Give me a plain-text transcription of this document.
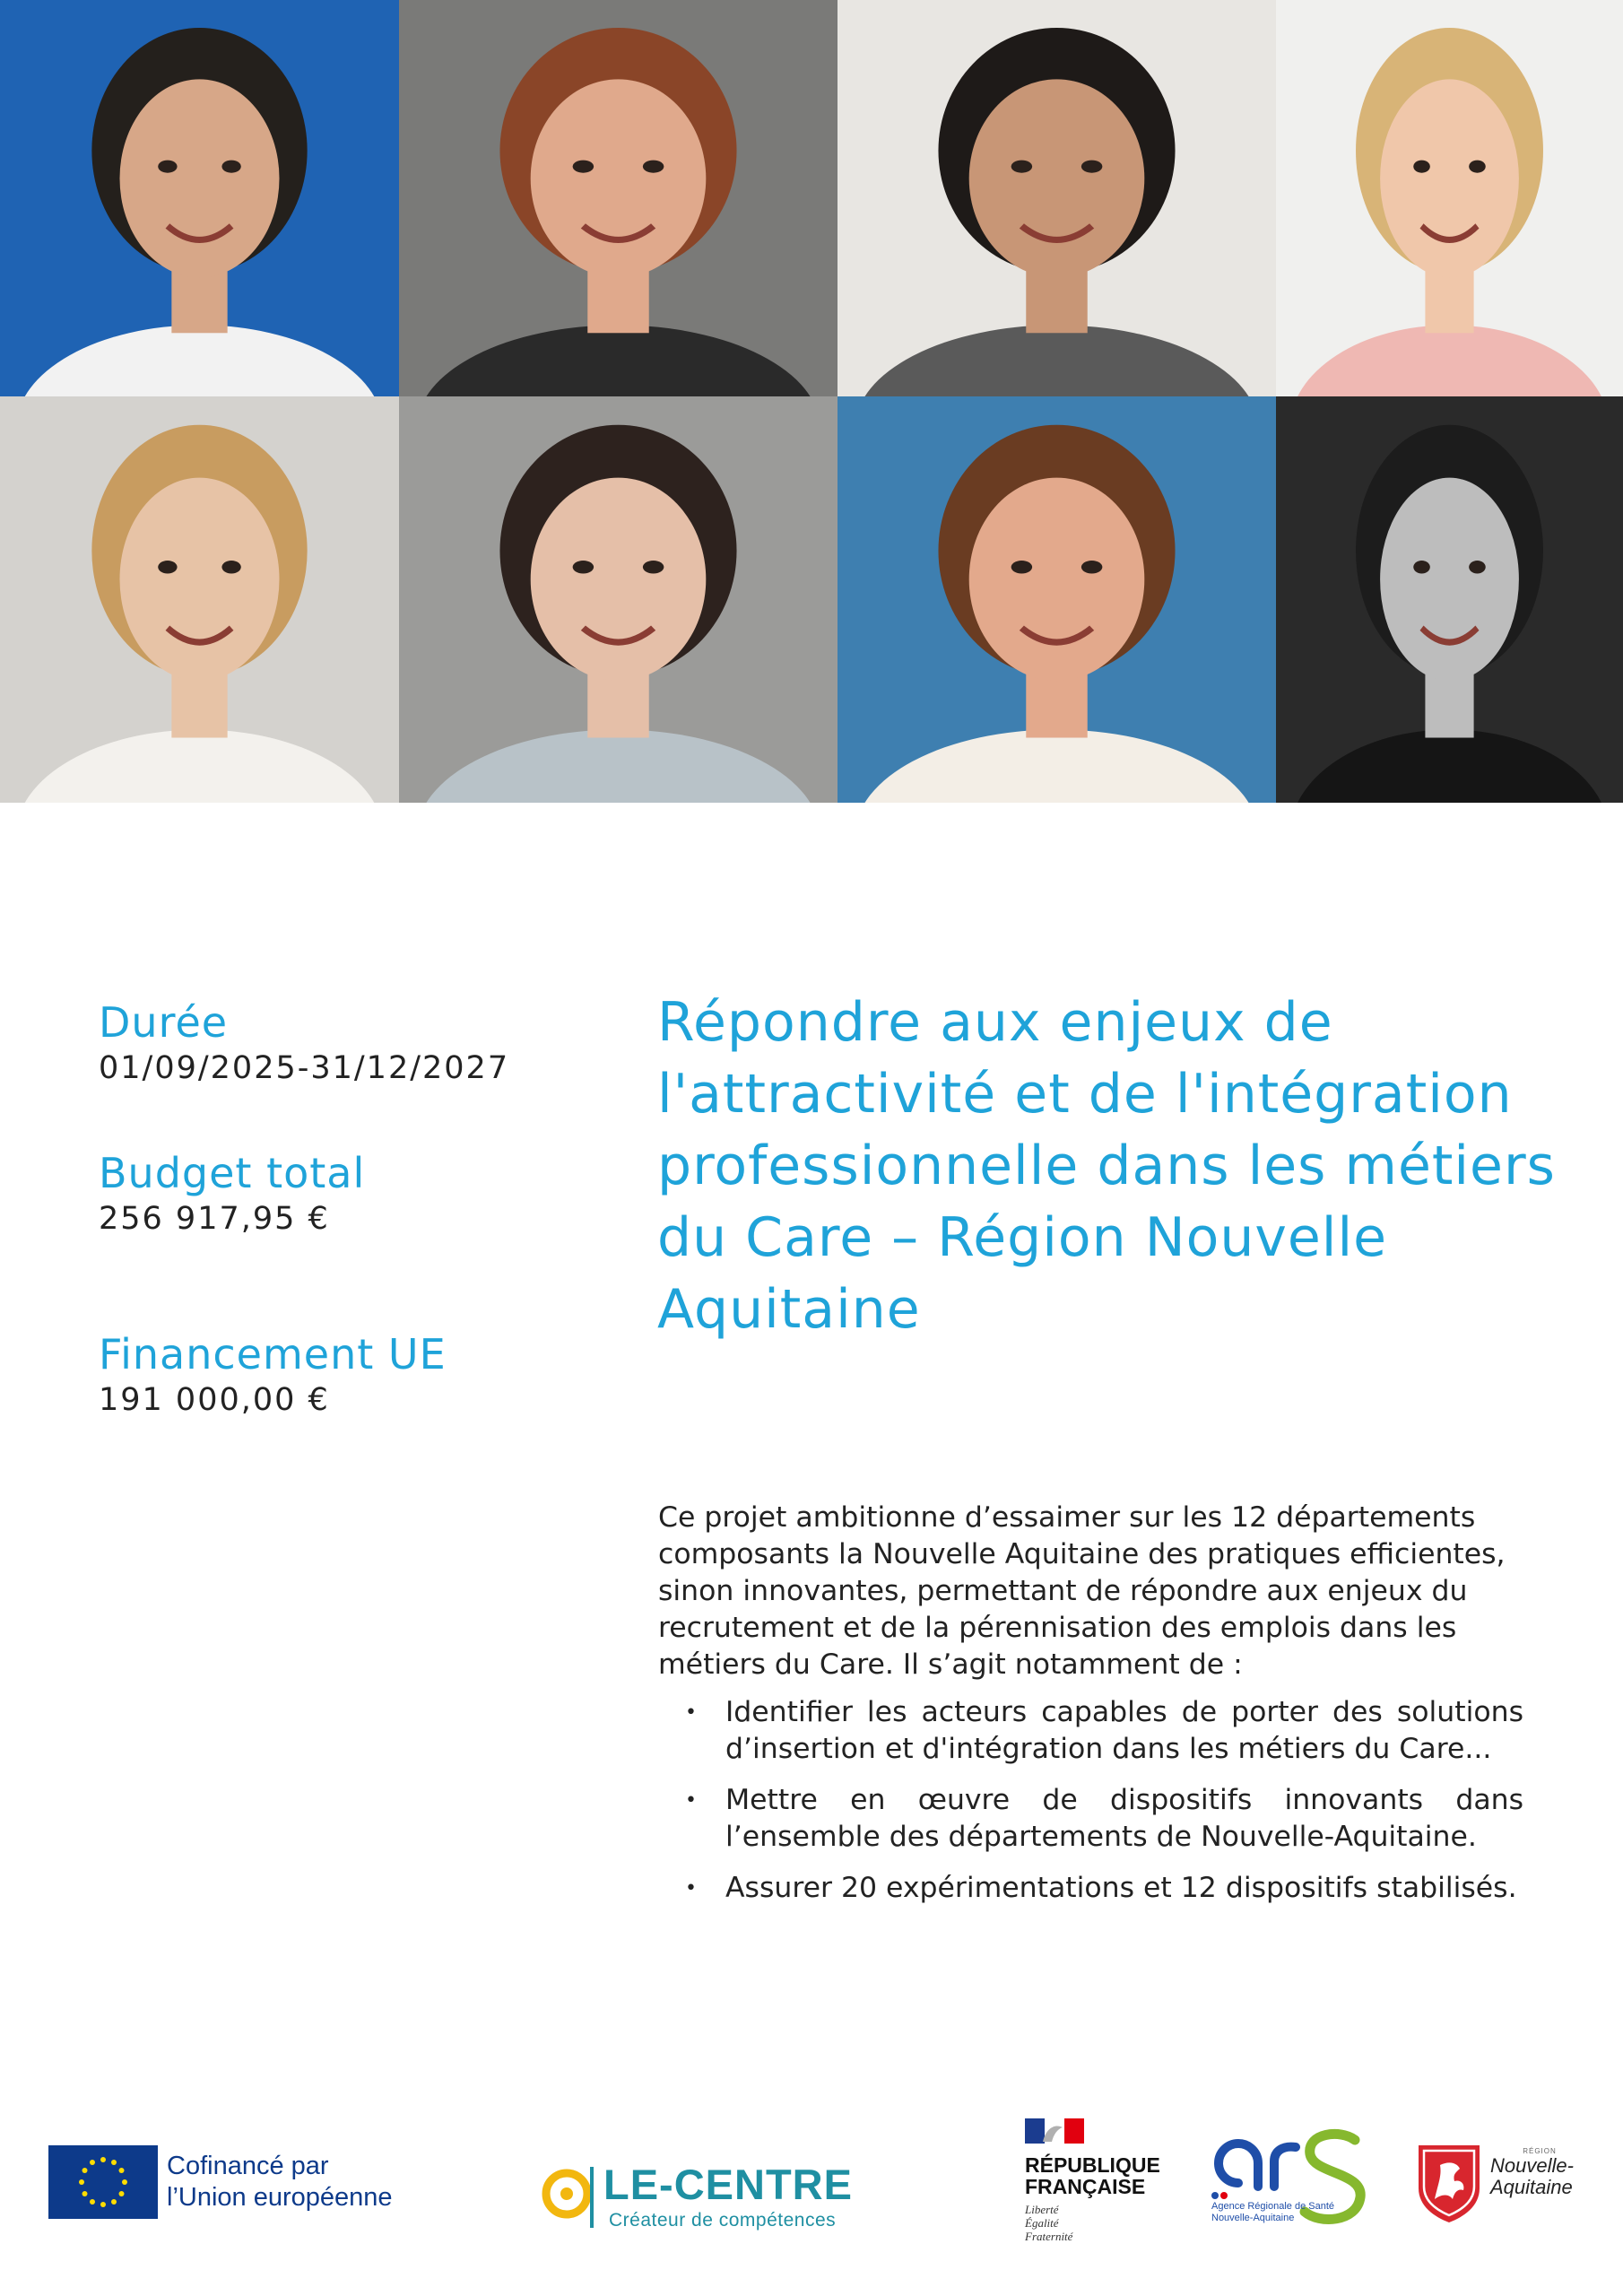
Durée
01/09/2025-31/12/2027
Budget total
256 917,95 €
Financement UE
191 000,00 €
Répondre aux enjeux de l'attractivité et de l'intégration professionnelle dans les métiers du Care – Région Nouvelle Aquitaine

Ce projet ambitionne d’essaimer sur les 12 départements composants la Nouvelle Aquitaine des pratiques efficientes, sinon innovantes, permettant de répondre aux enjeux du recrutement et de la pérennisation des emplois dans les métiers du Care. Il s’agit notamment de :

• Identifier les acteurs capables de porter des solutions d’insertion et d'intégration dans les métiers du Care...
• Mettre en œuvre de dispositifs innovants dans l’ensemble des départements de Nouvelle-Aquitaine.
• Assurer 20 expérimentations et 12 dispositifs stabilisés.
Cofinancé par
l’Union européenne	LE-CENTRE
Créateur de compétences
RÉPUBLIQUE
FRANÇAISE
Liberté
Égalité
Fraternité
Agence Régionale de Santé
Nouvelle-Aquitaine
RÉGION
Nouvelle-
Aquitaine
